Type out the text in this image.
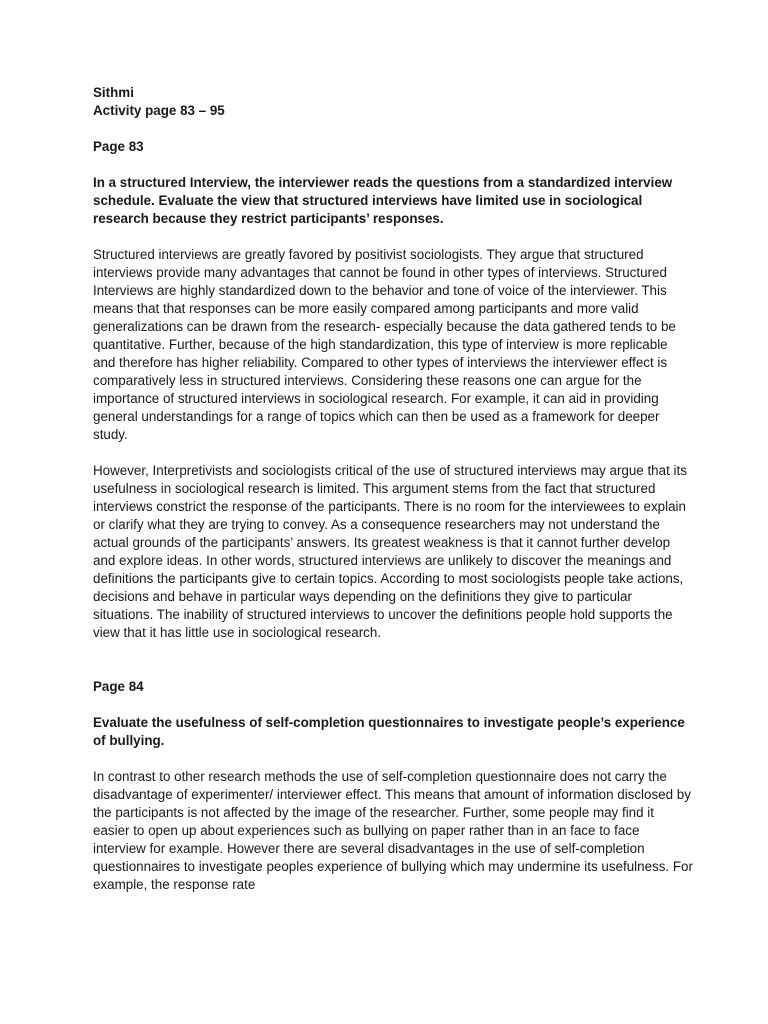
Sithmi

Activity page 83 – 95

Page 83

In a structured Interview, the interviewer reads the questions from a standardized interview schedule. Evaluate the view that structured interviews have limited use in sociological research because they restrict participants’ responses.

Structured interviews are greatly favored by positivist sociologists. They argue that structured interviews provide many advantages that cannot be found in other types of interviews. Structured Interviews are highly standardized down to the behavior and tone of voice of the interviewer. This means that that responses can be more easily compared among participants and more valid generalizations can be drawn from the research- especially because the data gathered tends to be quantitative. Further, because of the high standardization, this type of interview is more replicable and therefore has higher reliability. Compared to other types of interviews the interviewer effect is comparatively less in structured interviews. Considering these reasons one can argue for the importance of structured interviews in sociological research. For example, it can aid in providing general understandings for a range of topics which can then be used as a framework for deeper study.

However, Interpretivists and sociologists critical of the use of structured interviews may argue that its usefulness in sociological research is limited. This argument stems from the fact that structured interviews constrict the response of the participants. There is no room for the interviewees to explain or clarify what they are trying to convey. As a consequence researchers may not understand the actual grounds of the participants’ answers. Its greatest weakness is that it cannot further develop and explore ideas. In other words, structured interviews are unlikely to discover the meanings and definitions the participants give to certain topics. According to most sociologists people take actions, decisions and behave in particular ways depending on the definitions they give to particular situations. The inability of structured interviews to uncover the definitions people hold supports the view that it has little use in sociological research.

Page 84

Evaluate the usefulness of self-completion questionnaires to investigate people’s experience of bullying.

In contrast to other research methods the use of self-completion questionnaire does not carry the disadvantage of experimenter/ interviewer effect. This means that amount of information disclosed by the participants is not affected by the image of the researcher. Further, some people may find it easier to open up about experiences such as bullying on paper rather than in an face to face interview for example. However there are several disadvantages in the use of self-completion questionnaires to investigate peoples experience of bullying which may undermine its usefulness. For example, the response rate
